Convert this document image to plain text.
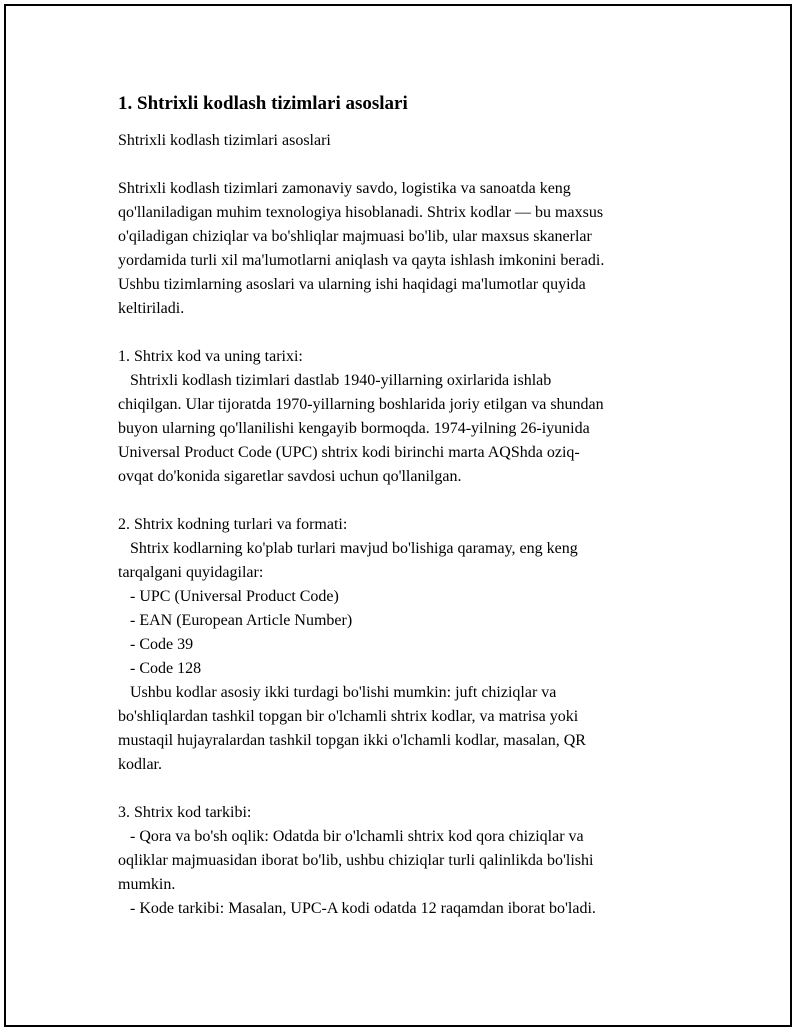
1. Shtrixli kodlash tizimlari asoslari
Shtrixli kodlash tizimlari asoslari
Shtrixli kodlash tizimlari zamonaviy savdo, logistika va sanoatda keng
qo'llaniladigan muhim texnologiya hisoblanadi. Shtrix kodlar — bu maxsus
o'qiladigan chiziqlar va bo'shliqlar majmuasi bo'lib, ular maxsus skanerlar
yordamida turli xil ma'lumotlarni aniqlash va qayta ishlash imkonini beradi.
Ushbu tizimlarning asoslari va ularning ishi haqidagi ma'lumotlar quyida
keltiriladi.
1. Shtrix kod va uning tarixi:
Shtrixli kodlash tizimlari dastlab 1940-yillarning oxirlarida ishlab
chiqilgan. Ular tijoratda 1970-yillarning boshlarida joriy etilgan va shundan
buyon ularning qo'llanilishi kengayib bormoqda. 1974-yilning 26-iyunida
Universal Product Code (UPC) shtrix kodi birinchi marta AQShda oziq-
ovqat do'konida sigaretlar savdosi uchun qo'llanilgan.
2. Shtrix kodning turlari va formati:
Shtrix kodlarning ko'plab turlari mavjud bo'lishiga qaramay, eng keng
tarqalgani quyidagilar:
- UPC (Universal Product Code)
- EAN (European Article Number)
- Code 39
- Code 128
Ushbu kodlar asosiy ikki turdagi bo'lishi mumkin: juft chiziqlar va
bo'shliqlardan tashkil topgan bir o'lchamli shtrix kodlar, va matrisa yoki
mustaqil hujayralardan tashkil topgan ikki o'lchamli kodlar, masalan, QR
kodlar.
3. Shtrix kod tarkibi:
- Qora va bo'sh oqlik: Odatda bir o'lchamli shtrix kod qora chiziqlar va
oqliklar majmuasidan iborat bo'lib, ushbu chiziqlar turli qalinlikda bo'lishi
mumkin.
- Kode tarkibi: Masalan, UPC-A kodi odatda 12 raqamdan iborat bo'ladi.
